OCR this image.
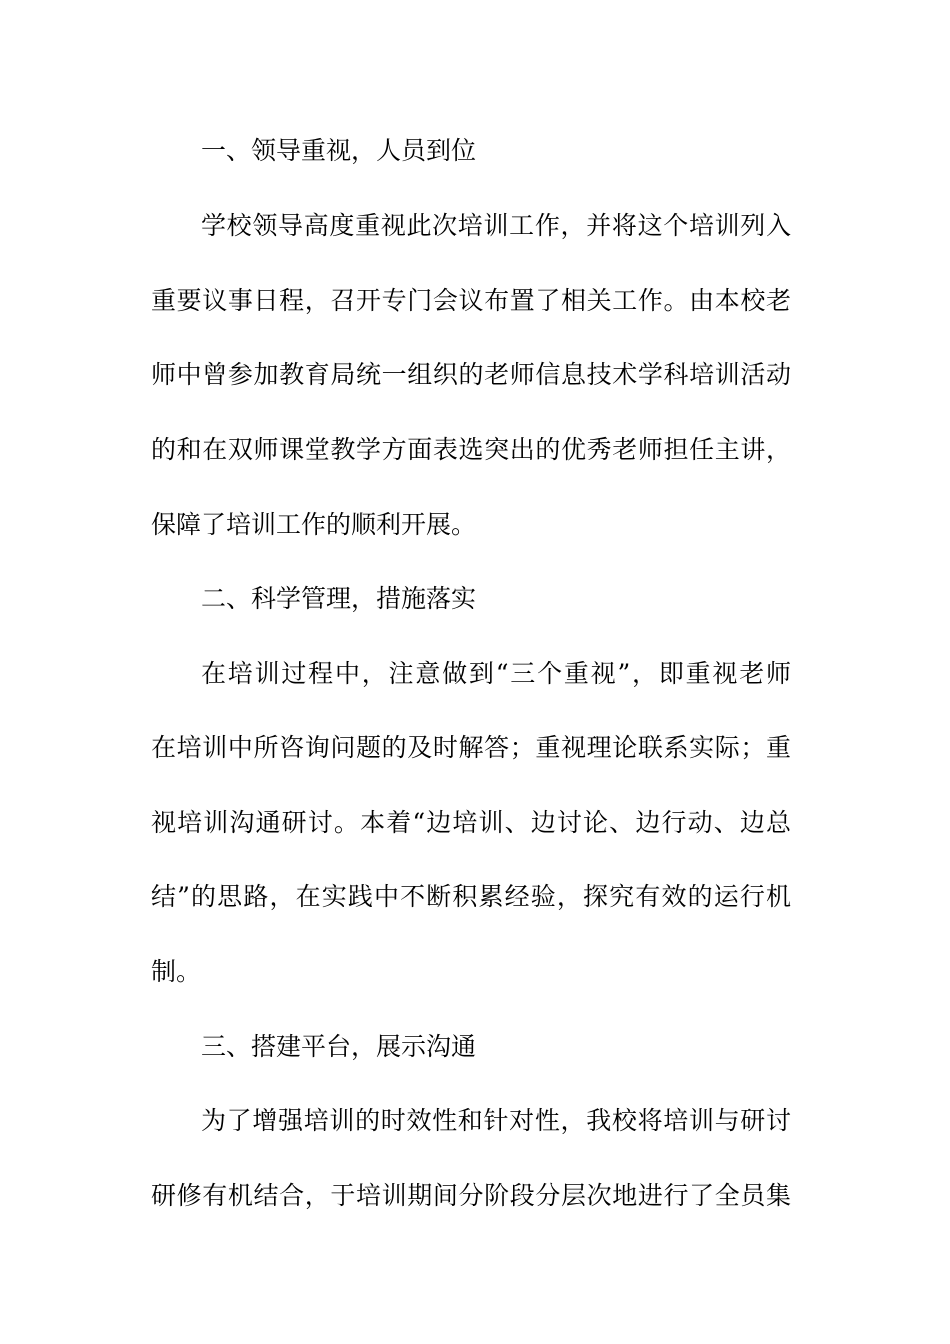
一、领导重视，人员到位
学校领导高度重视此次培训工作，并将这个培训列入
重要议事日程，召开专门会议布置了相关工作。由本校老
师中曾参加教育局统一组织的老师信息技术学科培训活动
的和在双师课堂教学方面表选突出的优秀老师担任主讲，
保障了培训工作的顺利开展。
二、科学管理，措施落实
在培训过程中，注意做到“三个重视”，即重视老师
在培训中所咨询问题的及时解答；重视理论联系实际；重
视培训沟通研讨。本着“边培训、边讨论、边行动、边总
结”的思路，在实践中不断积累经验，探究有效的运行机
制。
三、搭建平台，展示沟通
为了增强培训的时效性和针对性，我校将培训与研讨
研修有机结合，于培训期间分阶段分层次地进行了全员集
